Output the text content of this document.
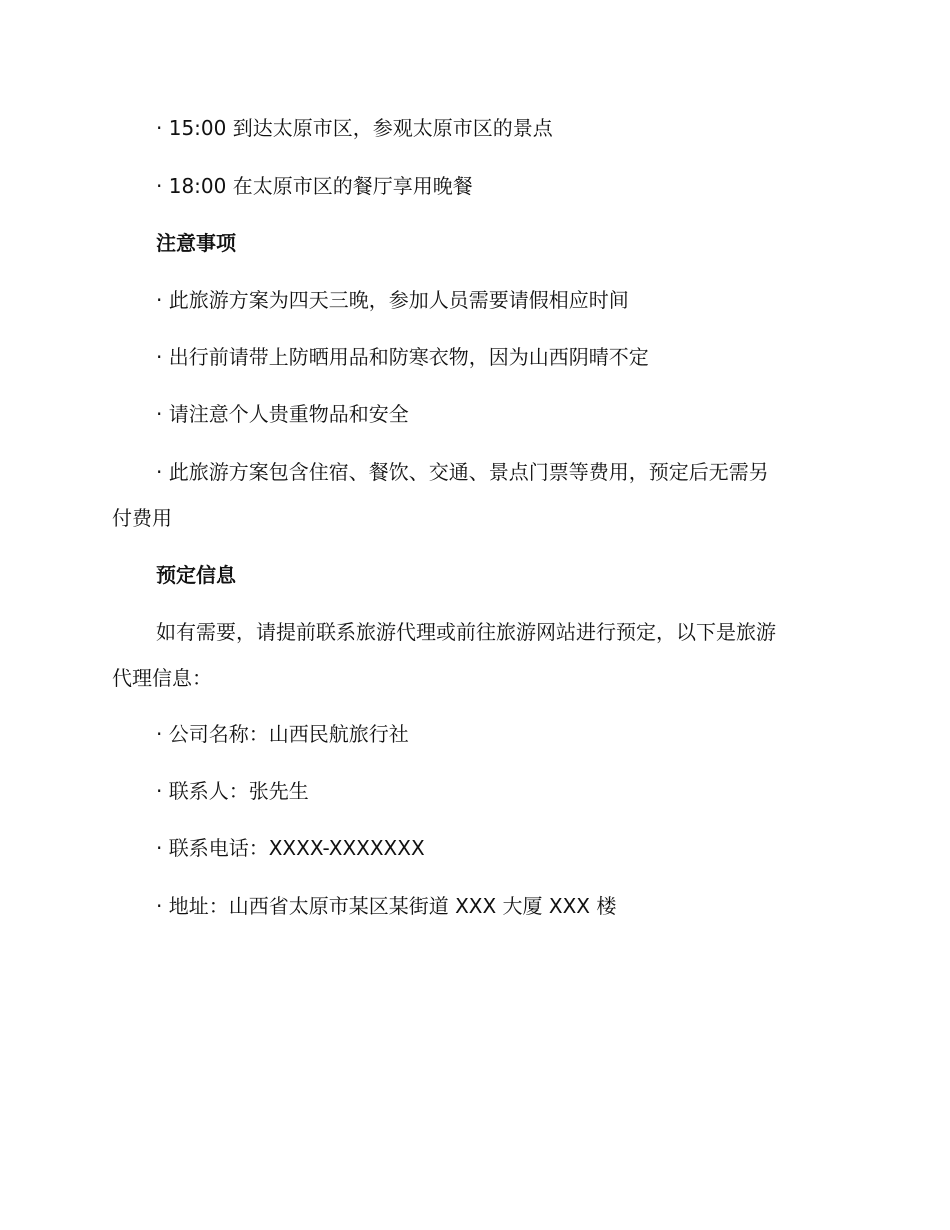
· 15:00 到达太原市区，参观太原市区的景点
· 18:00 在太原市区的餐厅享用晚餐
注意事项
· 此旅游方案为四天三晚，参加人员需要请假相应时间
· 出行前请带上防晒用品和防寒衣物，因为山西阴晴不定
· 请注意个人贵重物品和安全
· 此旅游方案包含住宿、餐饮、交通、景点门票等费用，预定后无需另
付费用
预定信息
如有需要，请提前联系旅游代理或前往旅游网站进行预定，以下是旅游
代理信息：
· 公司名称：山西民航旅行社
· 联系人：张先生
· 联系电话：XXXX-XXXXXXX
· 地址：山西省太原市某区某街道 XXX 大厦 XXX 楼
